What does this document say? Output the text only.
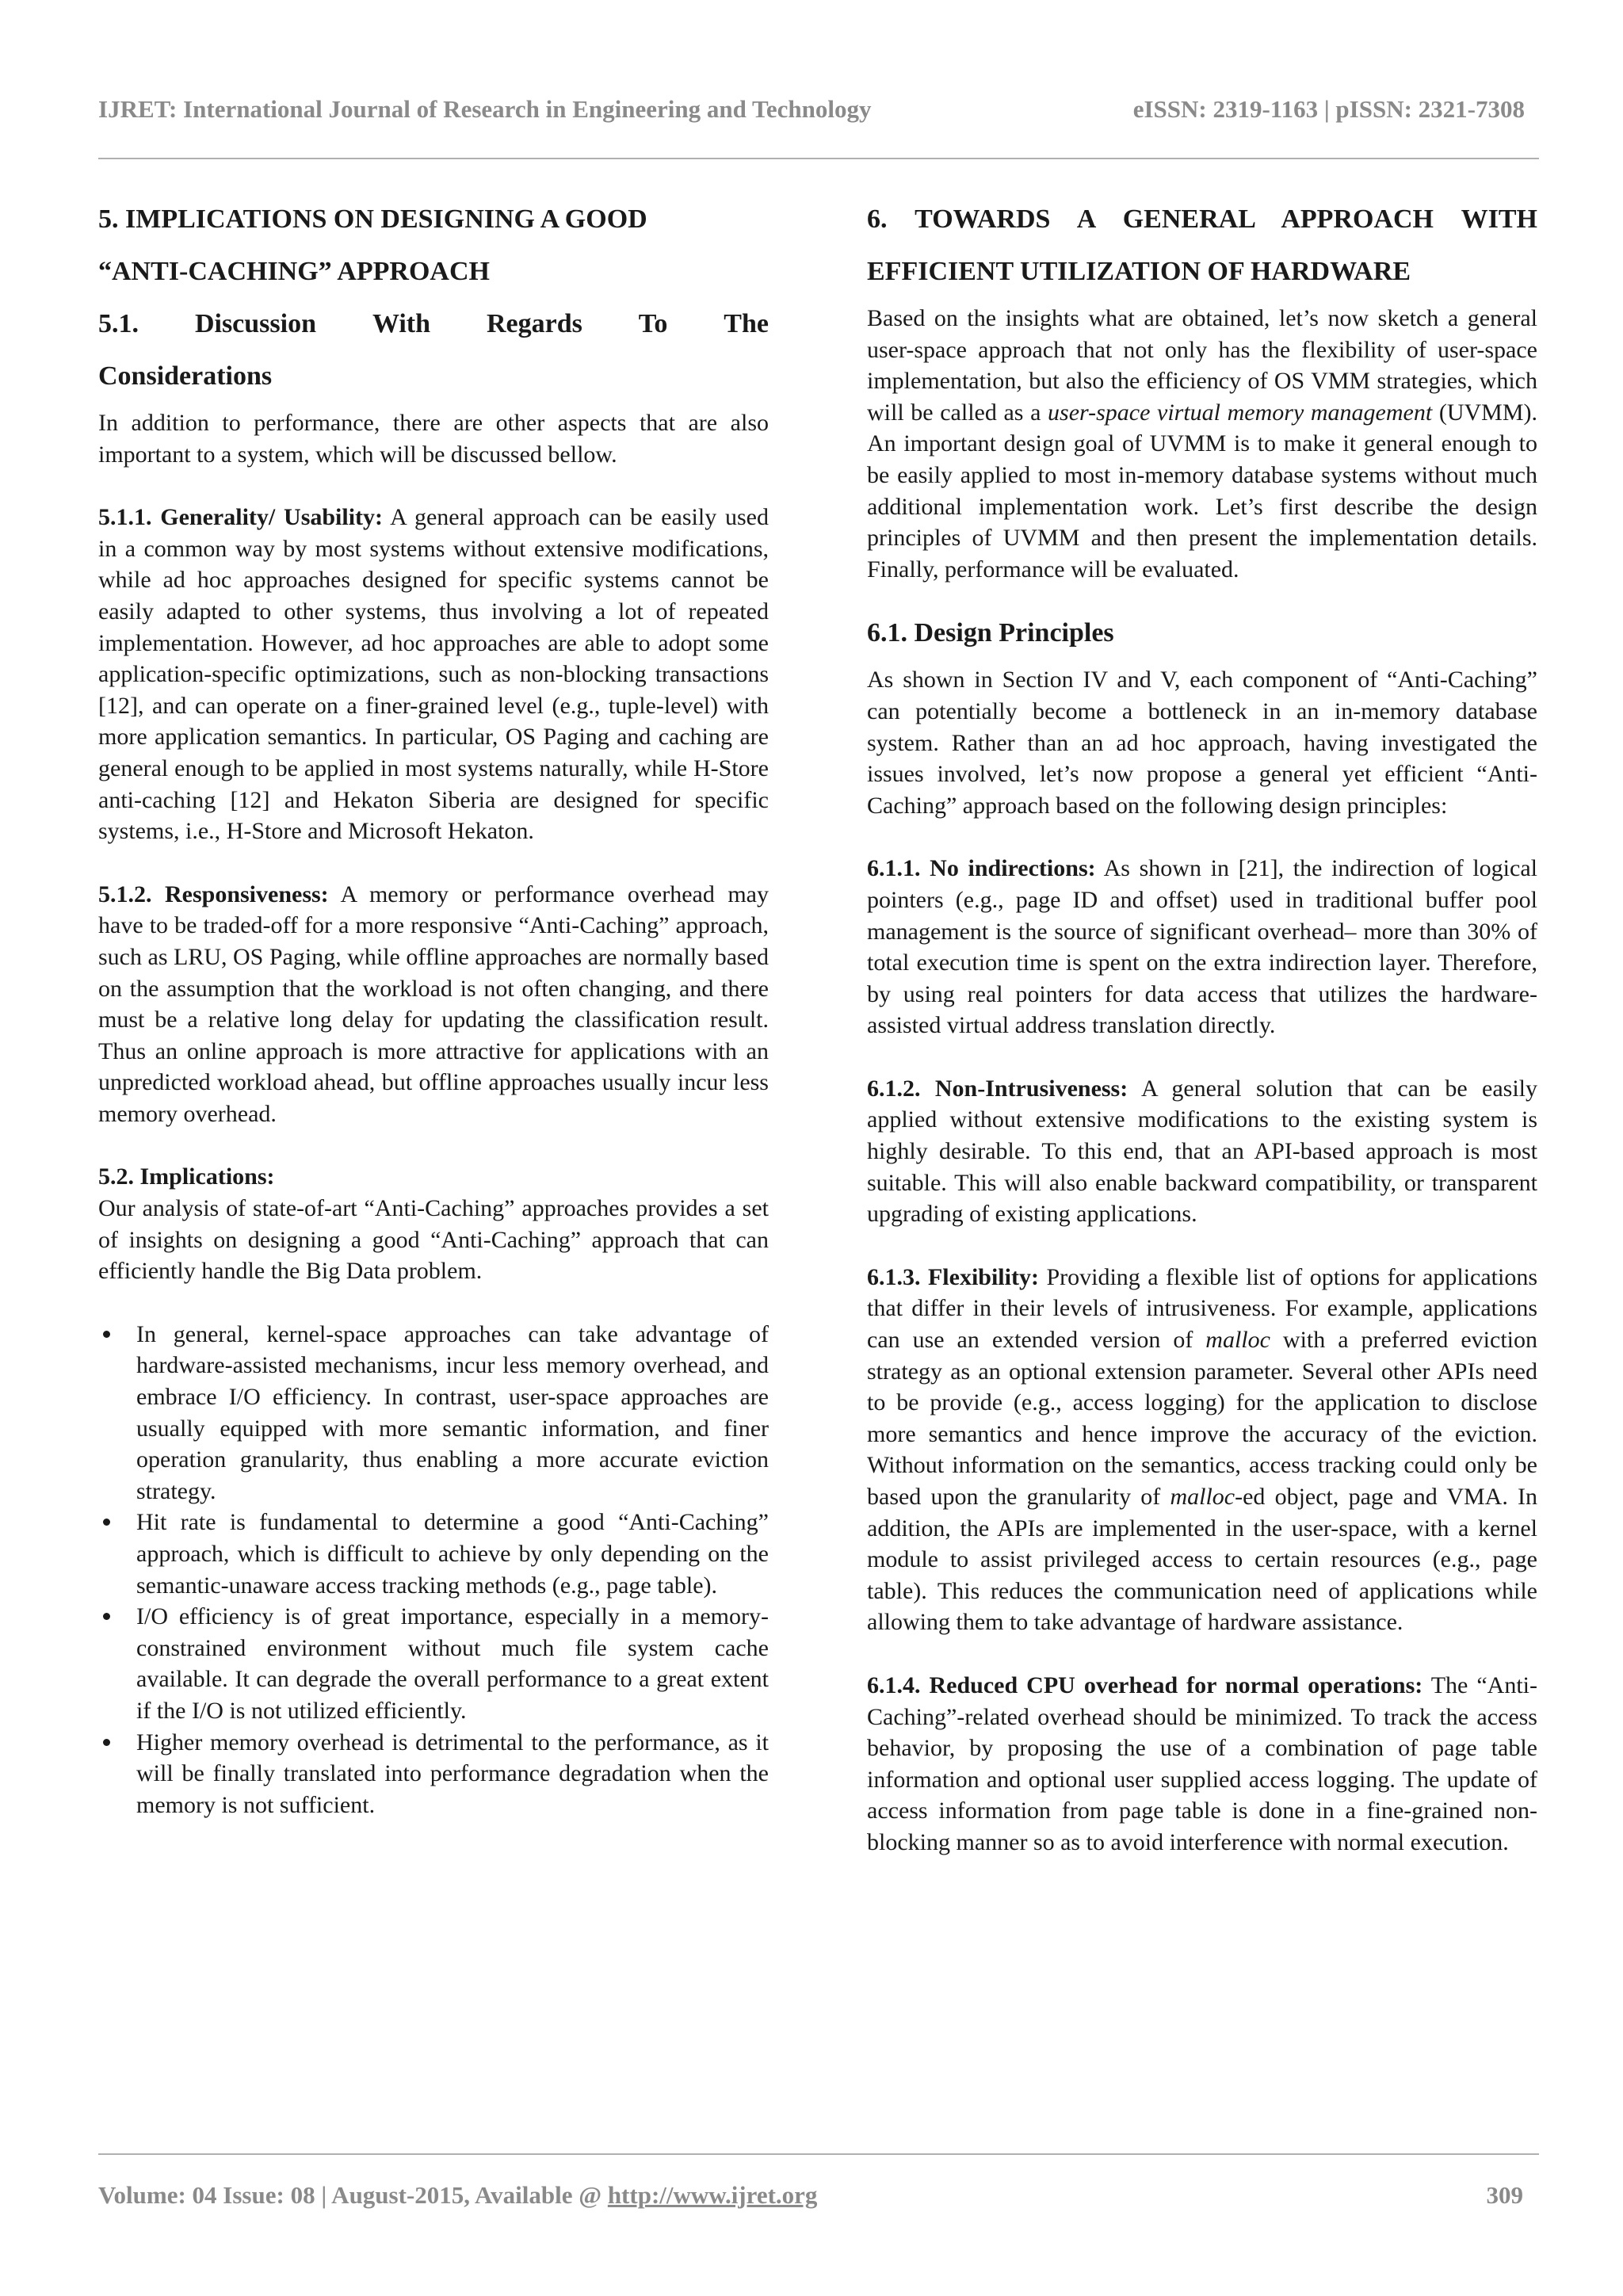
IJRET: International Journal of Research in Engineering and Technology	eISSN: 2319-1163 | pISSN: 2321-7308
5. IMPLICATIONS ON DESIGNING A GOOD
“ANTI-CACHING” APPROACH
5.1. Discussion With Regards To The
Considerations

In addition to performance, there are other aspects that are also important to a system, which will be discussed bellow.

5.1.1. Generality/ Usability: A general approach can be easily used in a common way by most systems without extensive modifications, while ad hoc approaches designed for specific systems cannot be easily adapted to other systems, thus involving a lot of repeated implementation. However, ad hoc approaches are able to adopt some application-specific optimizations, such as non-blocking transactions [12], and can operate on a finer-grained level (e.g., tuple-level) with more application semantics. In particular, OS Paging and caching are general enough to be applied in most systems naturally, while H-Store anti-caching [12] and Hekaton Siberia are designed for specific systems, i.e., H-Store and Microsoft Hekaton.

5.1.2. Responsiveness: A memory or performance overhead may have to be traded-off for a more responsive “Anti-Caching” approach, such as LRU, OS Paging, while offline approaches are normally based on the assumption that the workload is not often changing, and there must be a relative long delay for updating the classification result. Thus an online approach is more attractive for applications with an unpredicted workload ahead, but offline approaches usually incur less memory overhead.

5.2. Implications:

Our analysis of state-of-art “Anti-Caching” approaches provides a set of insights on designing a good “Anti-Caching” approach that can efficiently handle the Big Data problem.

In general, kernel-space approaches can take advantage of hardware-assisted mechanisms, incur less memory overhead, and embrace I/O efficiency. In contrast, user-space approaches are usually equipped with more semantic information, and finer operation granularity, thus enabling a more accurate eviction strategy.
Hit rate is fundamental to determine a good “Anti-Caching” approach, which is difficult to achieve by only depending on the semantic-unaware access tracking methods (e.g., page table).
I/O efficiency is of great importance, especially in a memory-constrained environment without much file system cache available. It can degrade the overall performance to a great extent if the I/O is not utilized efficiently.
Higher memory overhead is detrimental to the performance, as it will be finally translated into performance degradation when the memory is not sufficient.
6. TOWARDS A GENERAL APPROACH WITH
EFFICIENT UTILIZATION OF HARDWARE

Based on the insights what are obtained, let’s now sketch a general user-space approach that not only has the flexibility of user-space implementation, but also the efficiency of OS VMM strategies, which will be called as a user-space virtual memory management (UVMM). An important design goal of UVMM is to make it general enough to be easily applied to most in-memory database systems without much additional implementation work. Let’s first describe the design principles of UVMM and then present the implementation details. Finally, performance will be evaluated.

6.1. Design Principles

As shown in Section IV and V, each component of “Anti-Caching” can potentially become a bottleneck in an in-memory database system. Rather than an ad hoc approach, having investigated the issues involved, let’s now propose a general yet efficient “Anti-Caching” approach based on the following design principles:

6.1.1. No indirections: As shown in [21], the indirection of logical pointers (e.g., page ID and offset) used in traditional buffer pool management is the source of significant overhead– more than 30% of total execution time is spent on the extra indirection layer. Therefore, by using real pointers for data access that utilizes the hardware-assisted virtual address translation directly.

6.1.2. Non-Intrusiveness: A general solution that can be easily applied without extensive modifications to the existing system is highly desirable. To this end, that an API-based approach is most suitable. This will also enable backward compatibility, or transparent upgrading of existing applications.

6.1.3. Flexibility: Providing a flexible list of options for applications that differ in their levels of intrusiveness. For example, applications can use an extended version of malloc with a preferred eviction strategy as an optional extension parameter. Several other APIs need to be provide (e.g., access logging) for the application to disclose more semantics and hence improve the accuracy of the eviction. Without information on the semantics, access tracking could only be based upon the granularity of malloc-ed object, page and VMA. In addition, the APIs are implemented in the user-space, with a kernel module to assist privileged access to certain resources (e.g., page table). This reduces the communication need of applications while allowing them to take advantage of hardware assistance.

6.1.4. Reduced CPU overhead for normal operations: The “Anti-Caching”-related overhead should be minimized. To track the access behavior, by proposing the use of a combination of page table information and optional user supplied access logging. The update of access information from page table is done in a fine-grained non-blocking manner so as to avoid interference with normal execution.

Volume: 04 Issue: 08 | August-2015, Available @ http://www.ijret.org	309
